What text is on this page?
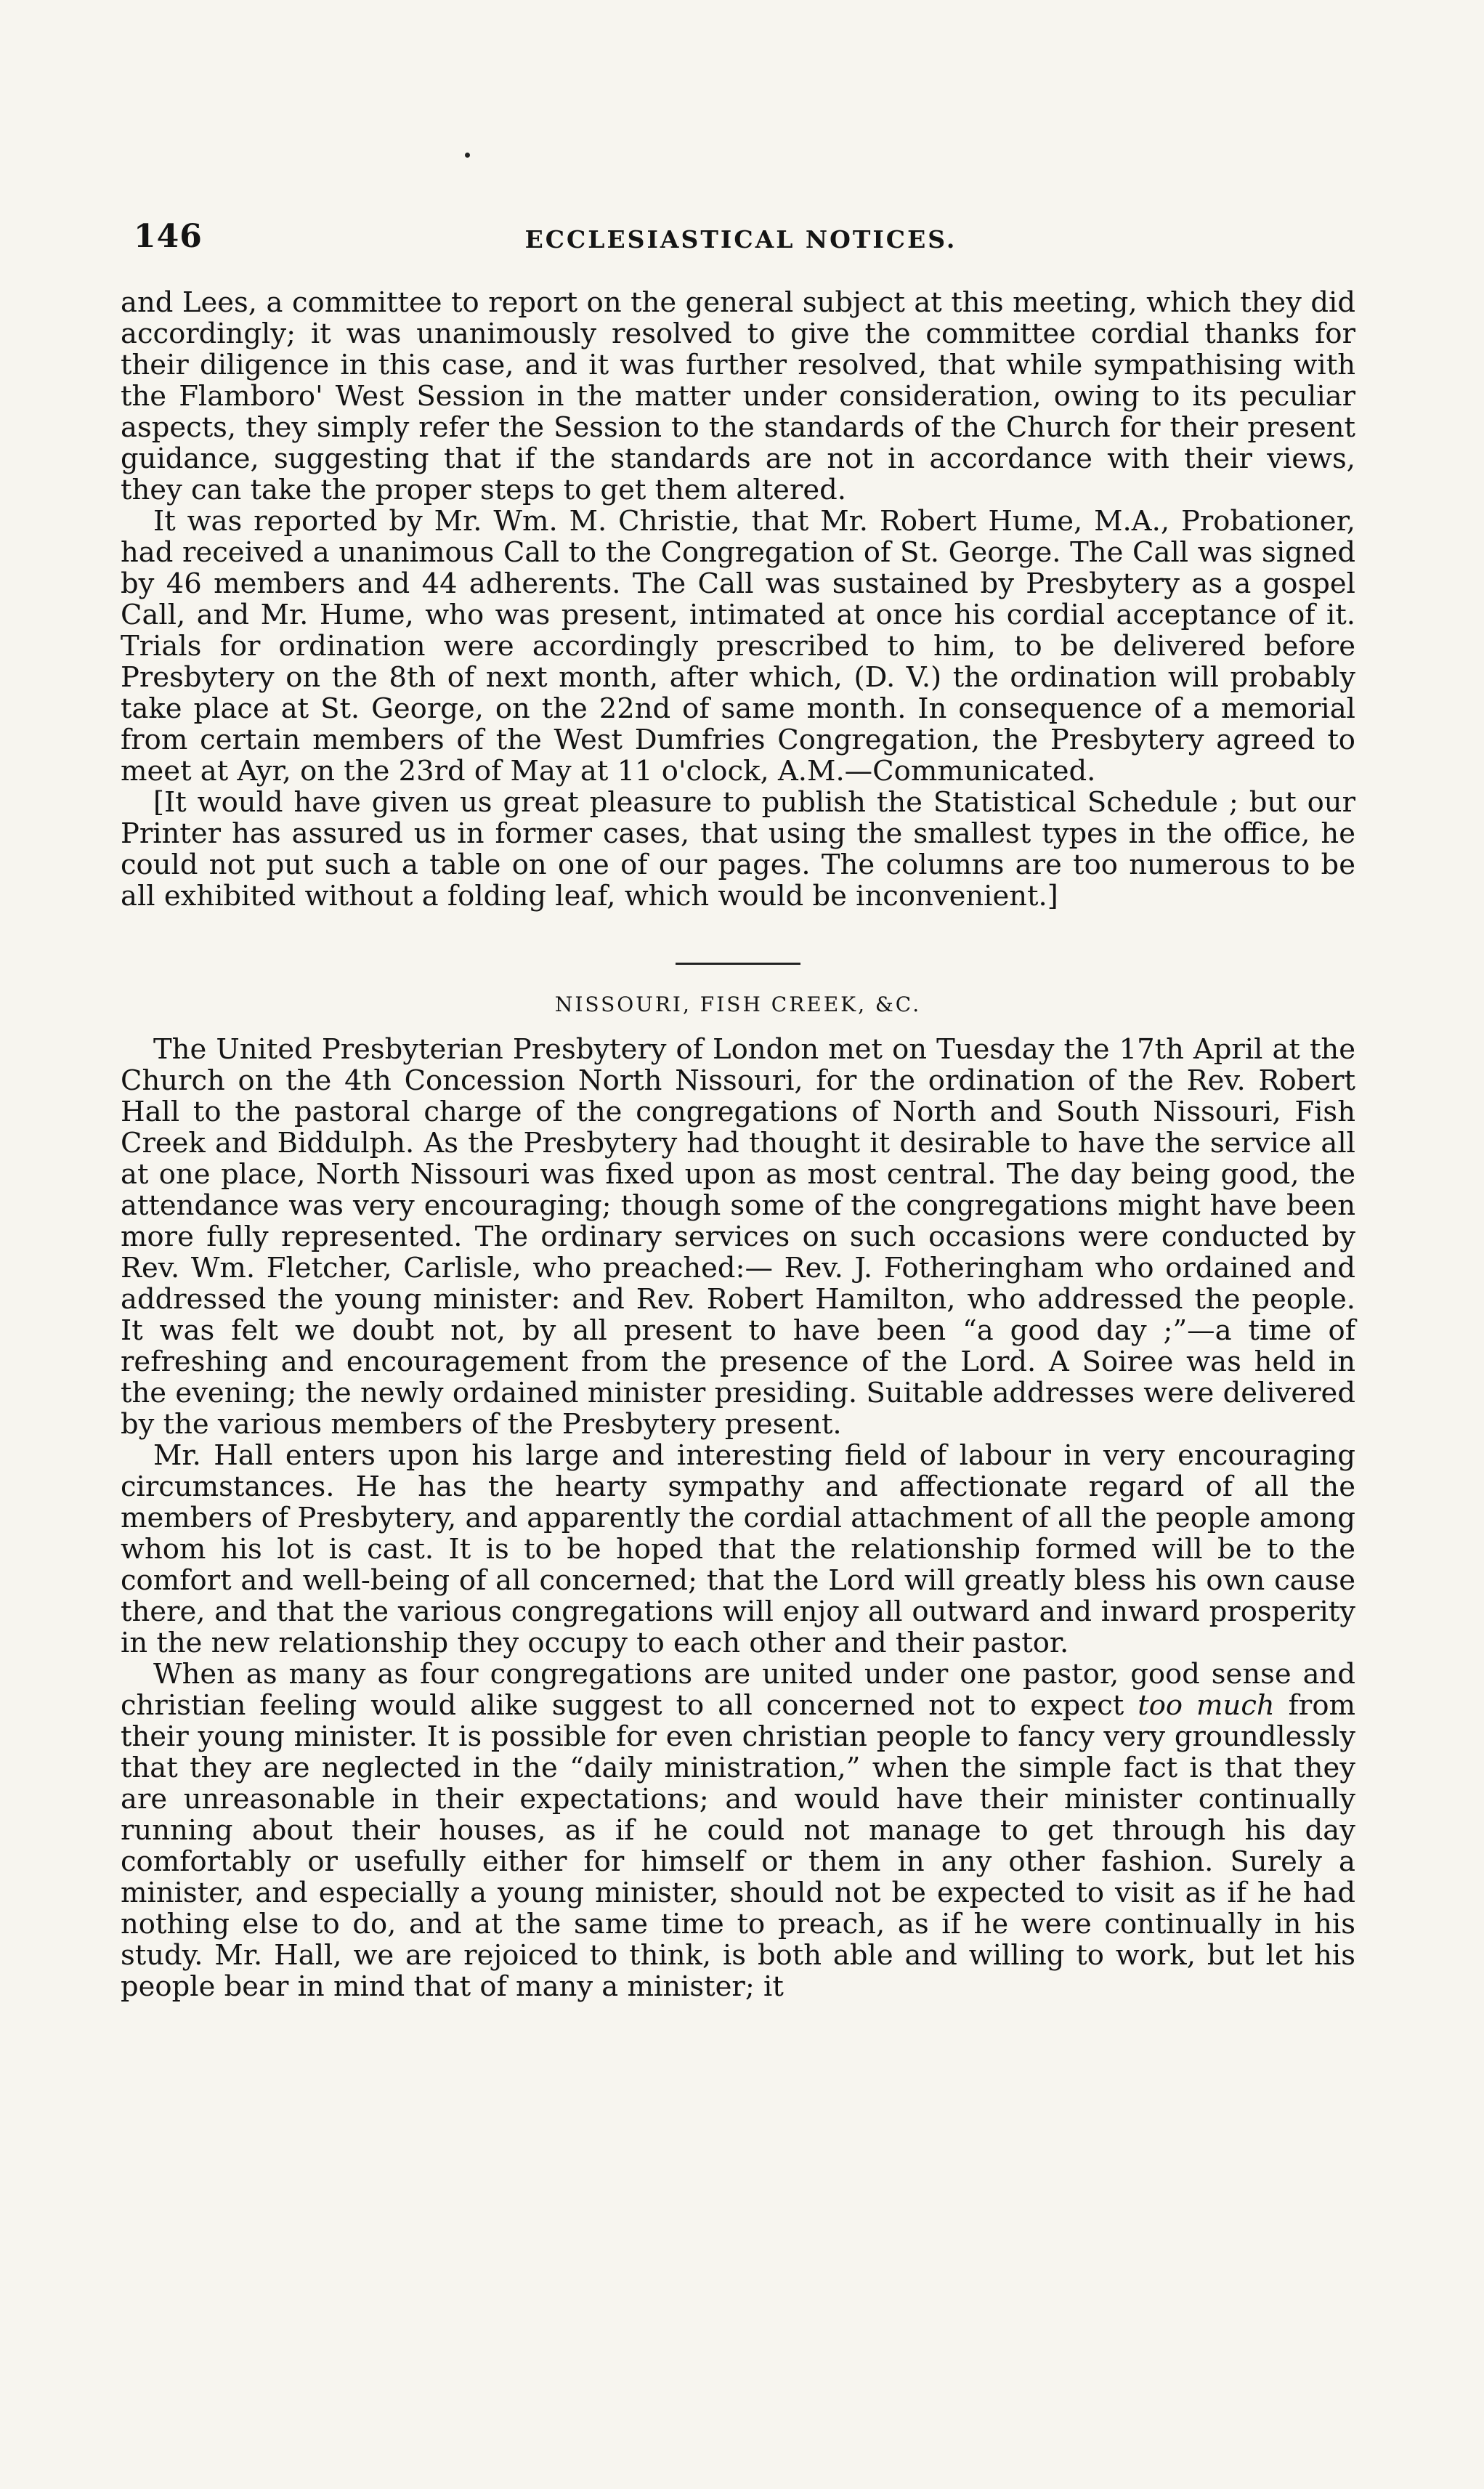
146	ECCLESIASTICAL NOTICES.

and Lees, a committee to report on the general subject at this meeting, which they did accordingly; it was unanimously resolved to give the committee cordial thanks for their diligence in this case, and it was further resolved, that while sympathising with the Flamboro' West Session in the matter under consideration, owing to its peculiar aspects, they simply refer the Session to the standards of the Church for their present guidance, suggesting that if the standards are not in accordance with their views, they can take the proper steps to get them altered.

It was reported by Mr. Wm. M. Christie, that Mr. Robert Hume, M.A., Probationer, had received a unanimous Call to the Congregation of St. George. The Call was signed by 46 members and 44 adherents. The Call was sustained by Presbytery as a gospel Call, and Mr. Hume, who was present, intimated at once his cordial acceptance of it. Trials for ordination were accordingly prescribed to him, to be delivered before Presbytery on the 8th of next month, after which, (D. V.) the ordination will probably take place at St. George, on the 22nd of same month. In consequence of a memorial from certain members of the West Dumfries Congregation, the Presbytery agreed to meet at Ayr, on the 23rd of May at 11 o'clock, A.M.—Communicated.

[It would have given us great pleasure to publish the Statistical Schedule ; but our Printer has assured us in former cases, that using the smallest types in the office, he could not put such a table on one of our pages. The columns are too numerous to be all exhibited without a folding leaf, which would be inconvenient.]

NISSOURI, FISH CREEK, &C.

The United Presbyterian Presbytery of London met on Tuesday the 17th April at the Church on the 4th Concession North Nissouri, for the ordination of the Rev. Robert Hall to the pastoral charge of the congregations of North and South Nissouri, Fish Creek and Biddulph. As the Presbytery had thought it desirable to have the service all at one place, North Nissouri was fixed upon as most central. The day being good, the attendance was very encouraging; though some of the congregations might have been more fully represented. The ordinary services on such occasions were conducted by Rev. Wm. Fletcher, Carlisle, who preached:— Rev. J. Fotheringham who ordained and addressed the young minister: and Rev. Robert Hamilton, who addressed the people. It was felt we doubt not, by all present to have been “a good day ;”—a time of refreshing and encouragement from the presence of the Lord. A Soiree was held in the evening; the newly ordained minister presiding. Suitable addresses were delivered by the various members of the Presbytery present.

Mr. Hall enters upon his large and interesting field of labour in very encouraging circumstances. He has the hearty sympathy and affectionate regard of all the members of Presbytery, and apparently the cordial attachment of all the people among whom his lot is cast. It is to be hoped that the relationship formed will be to the comfort and well-being of all concerned; that the Lord will greatly bless his own cause there, and that the various congregations will enjoy all outward and inward prosperity in the new relationship they occupy to each other and their pastor.

When as many as four congregations are united under one pastor, good sense and christian feeling would alike suggest to all concerned not to expect too much from their young minister. It is possible for even christian people to fancy very groundlessly that they are neglected in the “daily ministration,” when the simple fact is that they are unreasonable in their expectations; and would have their minister continually running about their houses, as if he could not manage to get through his day comfortably or usefully either for himself or them in any other fashion. Surely a minister, and especially a young minister, should not be expected to visit as if he had nothing else to do, and at the same time to preach, as if he were continually in his study. Mr. Hall, we are rejoiced to think, is both able and willing to work, but let his people bear in mind that of many a minister; it
